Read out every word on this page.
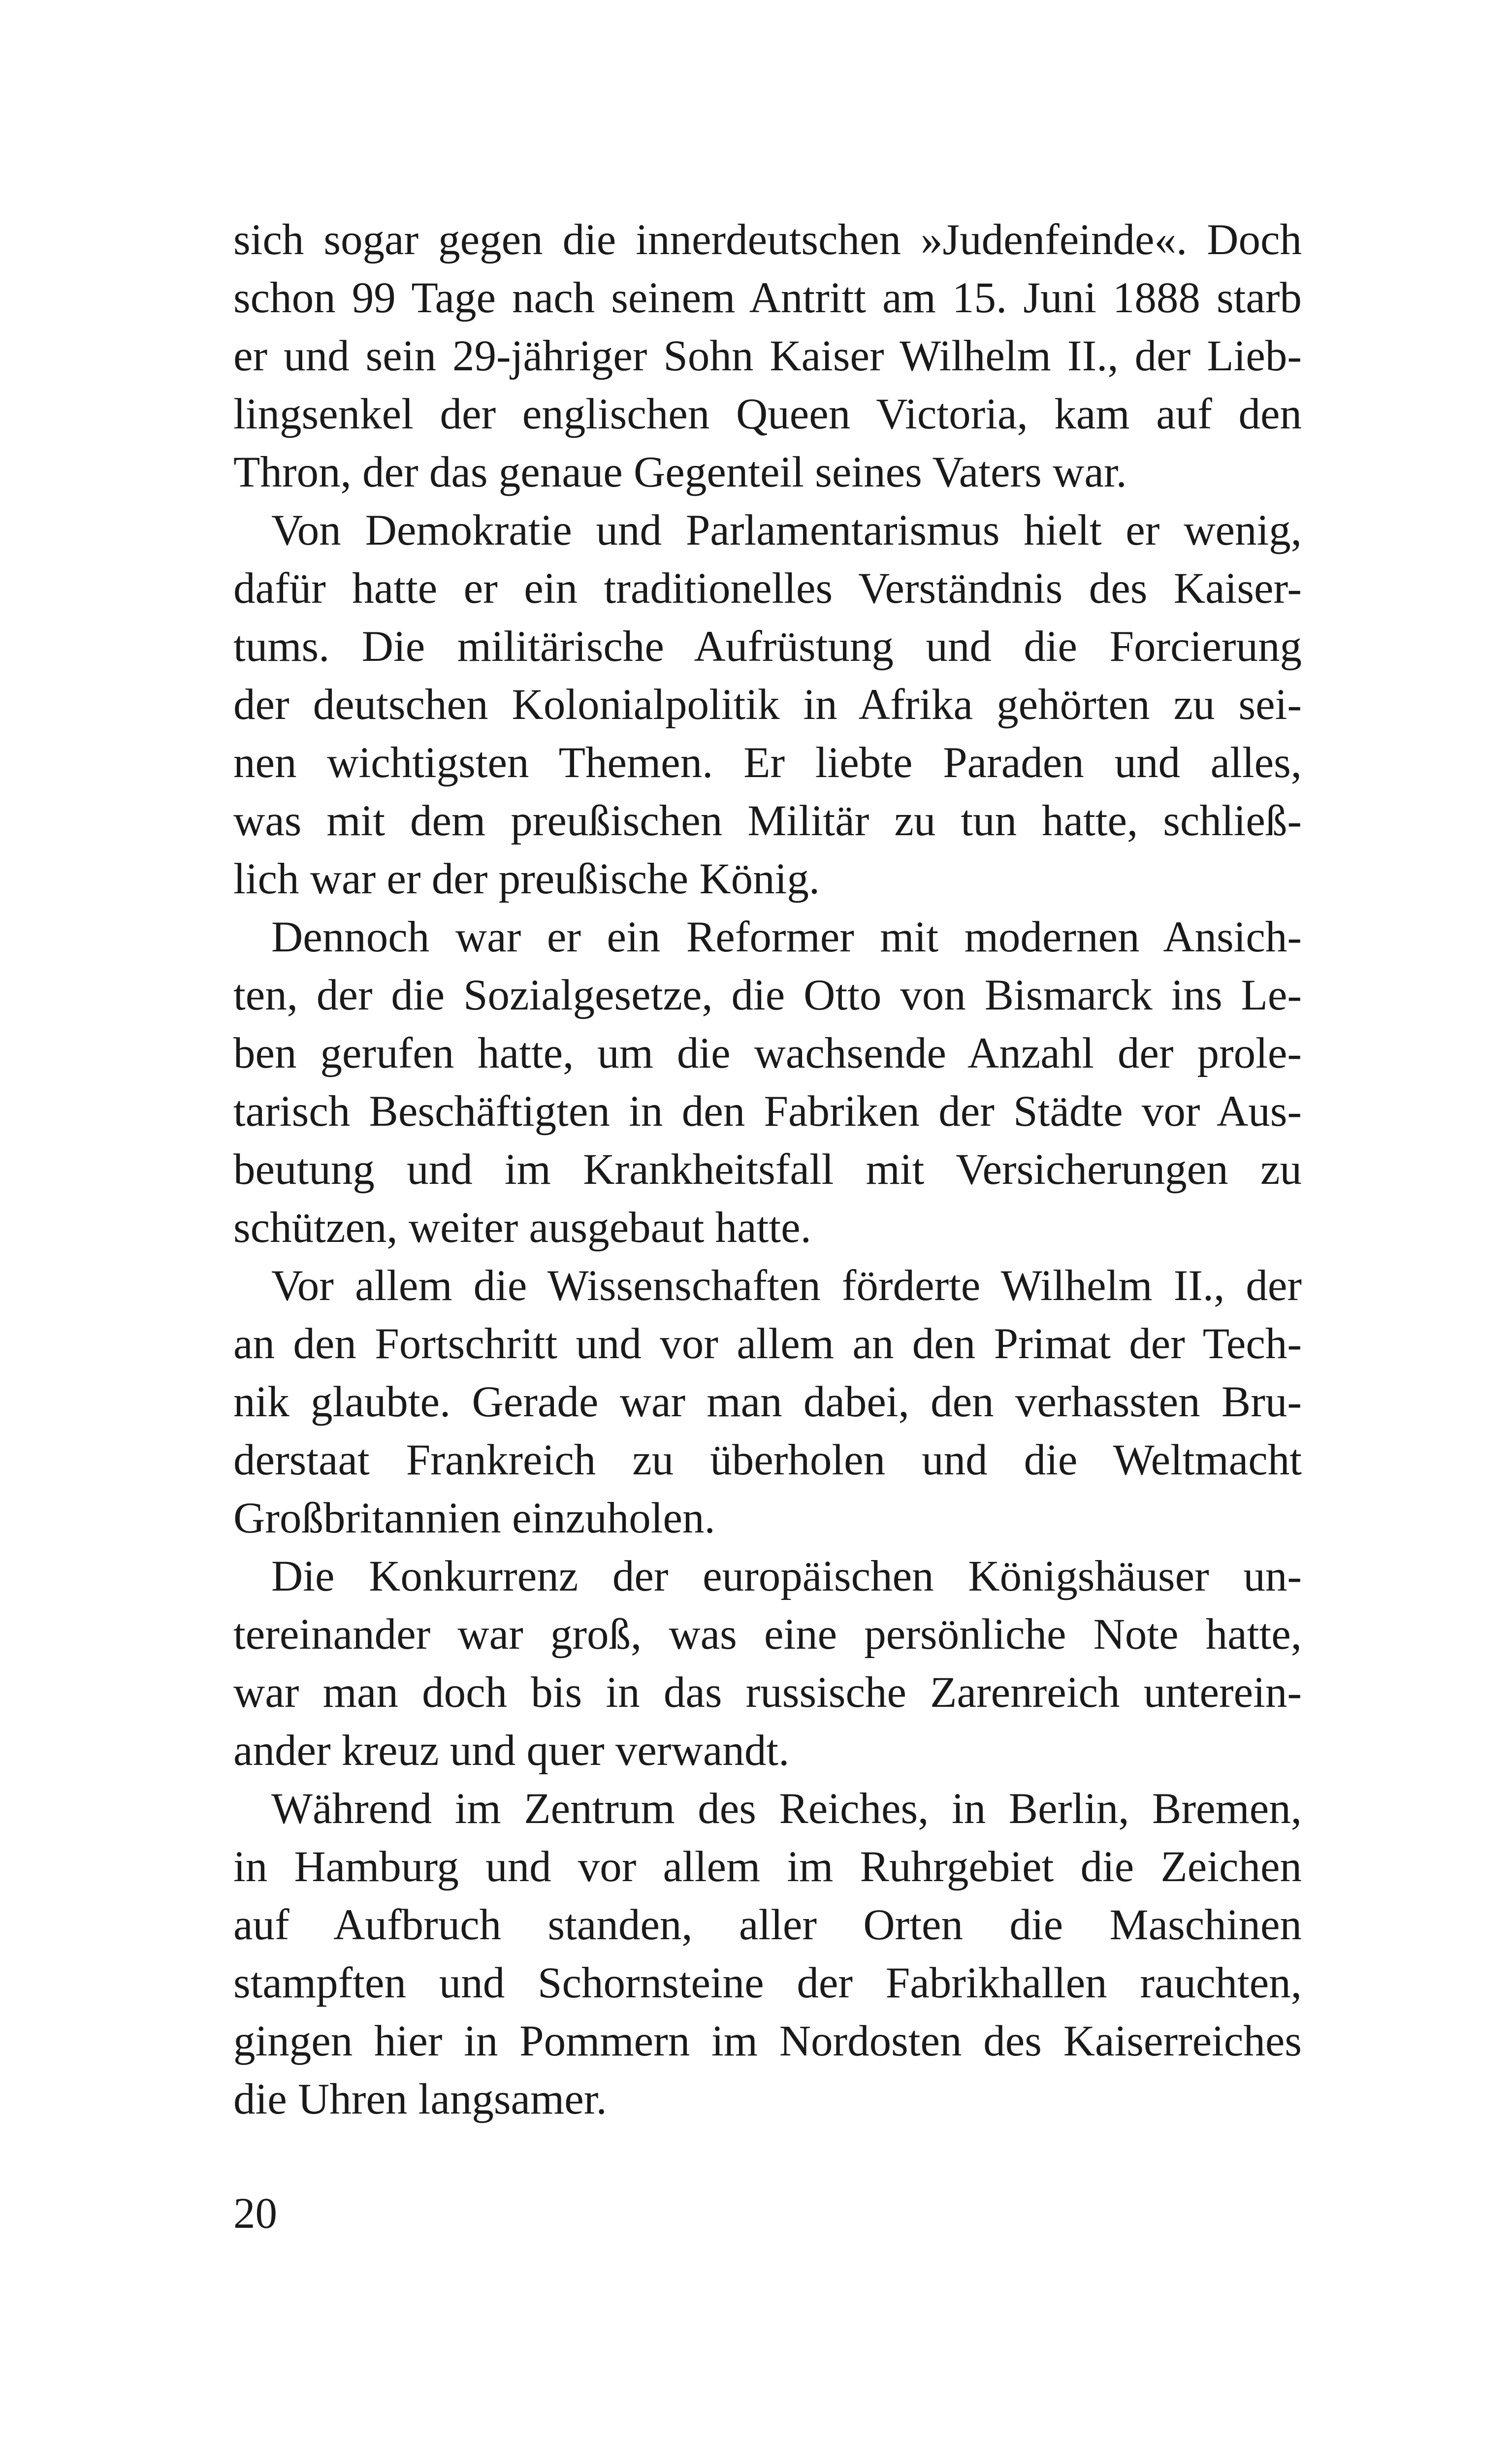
sich sogar gegen die innerdeutschen »Judenfeinde«. Doch
schon 99 Tage nach seinem Antritt am 15. Juni 1888 starb
er und sein 29-jähriger Sohn Kaiser Wilhelm II., der Lieb-
lingsenkel der englischen Queen Victoria, kam auf den
Thron, der das genaue Gegenteil seines Vaters war.
Von Demokratie und Parlamentarismus hielt er wenig,
dafür hatte er ein traditionelles Verständnis des Kaiser-
tums. Die militärische Aufrüstung und die Forcierung
der deutschen Kolonialpolitik in Afrika gehörten zu sei-
nen wichtigsten Themen. Er liebte Paraden und alles,
was mit dem preußischen Militär zu tun hatte, schließ-
lich war er der preußische König.
Dennoch war er ein Reformer mit modernen Ansich-
ten, der die Sozialgesetze, die Otto von Bismarck ins Le-
ben gerufen hatte, um die wachsende Anzahl der prole-
tarisch Beschäftigten in den Fabriken der Städte vor Aus-
beutung und im Krankheitsfall mit Versicherungen zu
schützen, weiter ausgebaut hatte.
Vor allem die Wissenschaften förderte Wilhelm II., der
an den Fortschritt und vor allem an den Primat der Tech-
nik glaubte. Gerade war man dabei, den verhassten Bru-
derstaat Frankreich zu überholen und die Weltmacht
Großbritannien einzuholen.
Die Konkurrenz der europäischen Königshäuser un-
tereinander war groß, was eine persönliche Note hatte,
war man doch bis in das russische Zarenreich unterein-
ander kreuz und quer verwandt.
Während im Zentrum des Reiches, in Berlin, Bremen,
in Hamburg und vor allem im Ruhrgebiet die Zeichen
auf Aufbruch standen, aller Orten die Maschinen
stampften und Schornsteine der Fabrikhallen rauchten,
gingen hier in Pommern im Nordosten des Kaiserreiches
die Uhren langsamer.
20
